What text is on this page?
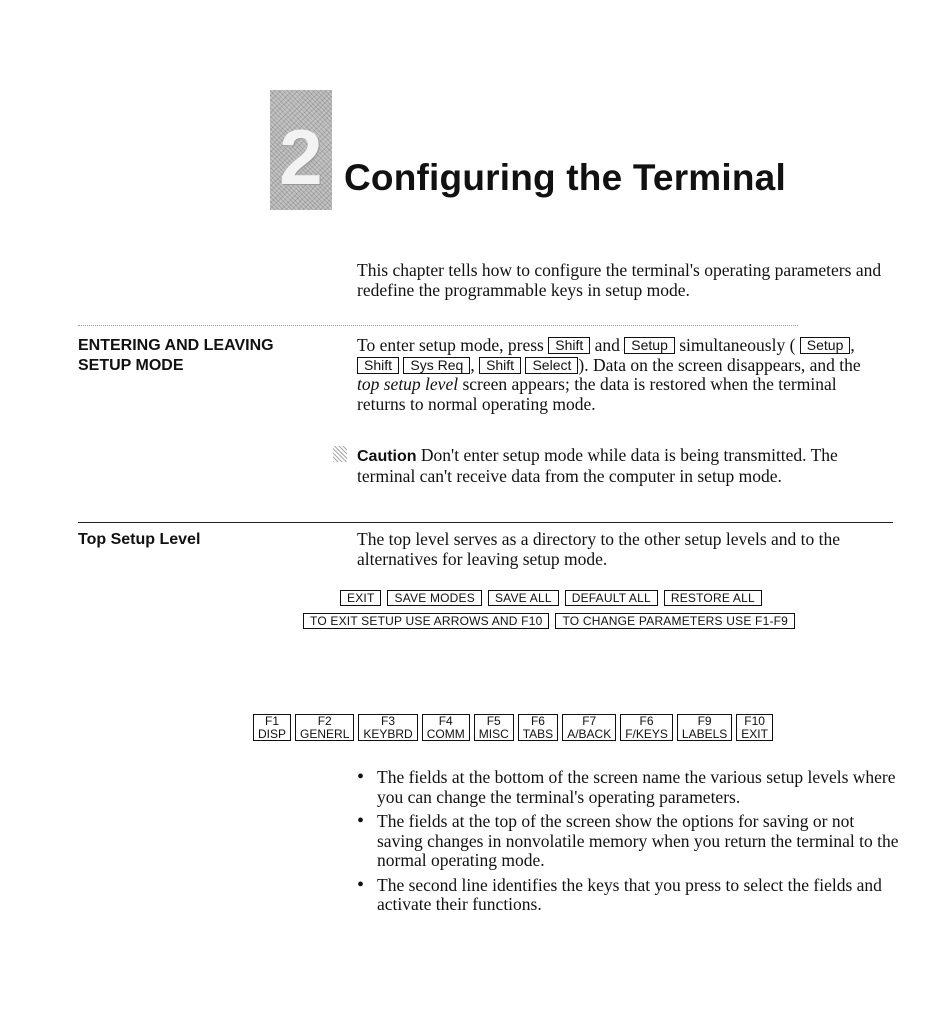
2 Configuring the Terminal
This chapter tells how to configure the terminal's operating parameters and redefine the programmable keys in setup mode.
ENTERING AND LEAVING SETUP MODE
To enter setup mode, press Shift and Setup simultaneously ( Setup , Shift Sys Req , Shift Select ). Data on the screen disappears, and the top setup level screen appears; the data is restored when the terminal returns to normal operating mode.
Caution Don't enter setup mode while data is being transmitted. The terminal can't receive data from the computer in setup mode.
Top Setup Level	The top level serves as a directory to the other setup levels and to the alternatives for leaving setup mode.
EXIT	SAVE MODES	SAVE ALL	DEFAULT ALL	RESTORE ALL
TO EXIT SETUP USE ARROWS AND F10	TO CHANGE PARAMETERS USE F1-F9
F1
DISP
F2
GENERL
F3
KEYBRD
F4
COMM
F5
MISC
F6
TABS
F7
A/BACK
F6
F/KEYS
F9
LABELS
F10
EXIT
• The fields at the bottom of the screen name the various setup levels where you can change the terminal's operating parameters.
• The fields at the top of the screen show the options for saving or not saving changes in nonvolatile memory when you return the terminal to the normal operating mode.
• The second line identifies the keys that you press to select the fields and activate their functions.
